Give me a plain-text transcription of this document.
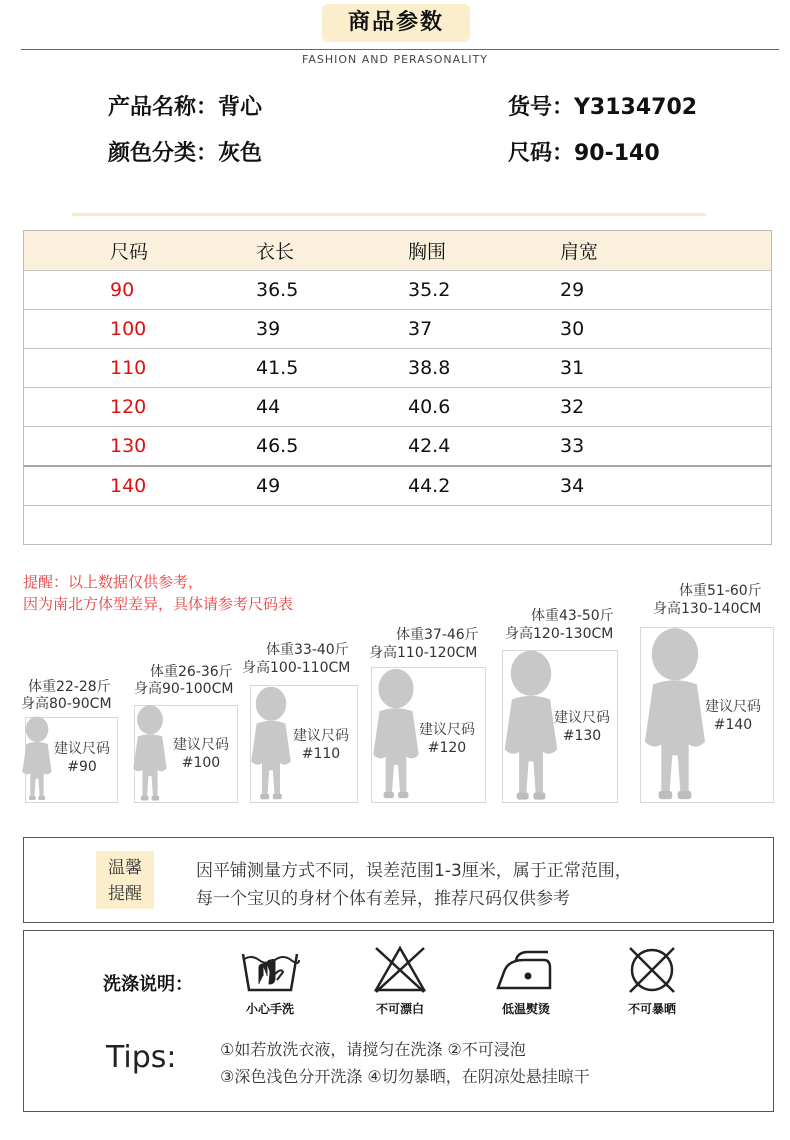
商品参数
FASHION AND PERASONALITY
产品名称：背心	货号：Y3134702
颜色分类：灰色	尺码：90-140
尺码	衣长	胸围	肩宽
90	36.5	35.2	29
100	39	37	30
110	41.5	38.8	31
120	44	40.6	32
130	46.5	42.4	33
140	49	44.2	34

提醒：以上数据仅供参考，
因为南北方体型差异，具体请参考尺码表
体重22-28斤
身高80-90CM
建议尺码
#90
体重26-36斤
身高90-100CM
建议尺码
#100
体重33-40斤
身高100-110CM
建议尺码
#110
体重37-46斤
身高110-120CM
建议尺码
#120
体重43-50斤
身高120-130CM
建议尺码
#130
体重51-60斤
身高130-140CM
建议尺码
#140
温馨
提醒
因平铺测量方式不同，误差范围1-3厘米，属于正常范围，
每一个宝贝的身材个体有差异，推荐尺码仅供参考
洗涤说明：
小心手洗	不可漂白	低温熨烫	不可暴晒
Tips:	①如若放洗衣液，请搅匀在洗涤 ②不可浸泡
③深色浅色分开洗涤 ④切勿暴晒，在阴凉处悬挂晾干
